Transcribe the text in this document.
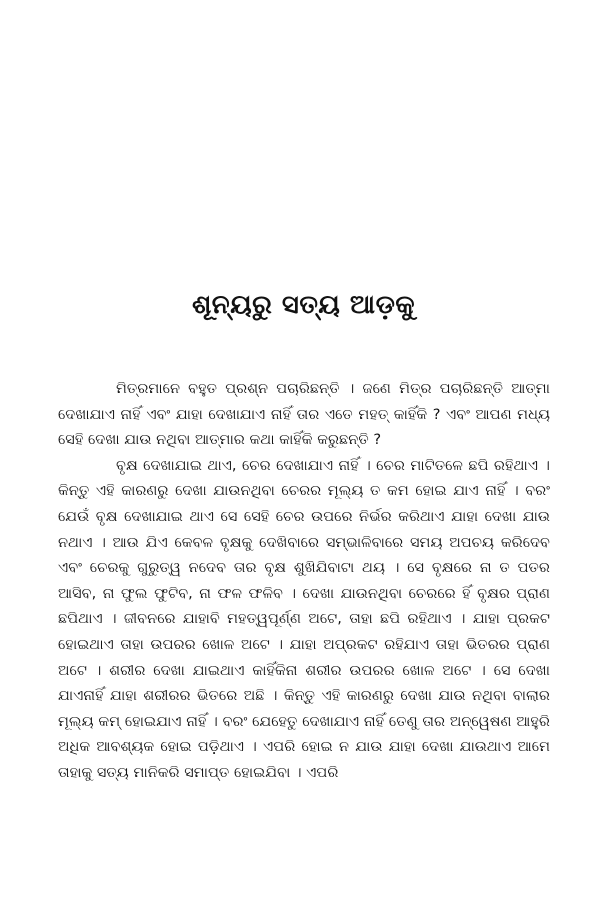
ଶୂନ୍ୟରୁ ସତ୍ୟ ଆଡ଼କୁ

ମିତ୍ରମାନେ ବହୁତ ପ୍ରଶ୍ନ ପଚାରିଛନ୍ତି । ଜଣେ ମିତ୍ର ପଚାରିଛନ୍ତି ଆତ୍ମା ଦେଖାଯାଏ ନାହିଁ ଏବଂ ଯାହା ଦେଖାଯାଏ ନାହିଁ ତାର ଏତେ ମହତ୍ କାହିଁକି ? ଏବଂ ଆପଣ ମଧ୍ୟ ସେହି ଦେଖା ଯାଉ ନଥିବା ଆତ୍ମାର କଥା କାହିଁକି କରୁଛନ୍ତି ?

ବୃକ୍ଷ ଦେଖାଯାଇ ଥାଏ, ଚେର ଦେଖାଯାଏ ନାହିଁ । ଚେର ମାଟିତଳେ ଛପି ରହିଥାଏ । କିନ୍ତୁ ଏହି କାରଣରୁ ଦେଖା ଯାଉନଥିବା ଚେରର ମୂଲ୍ୟ ତ କମ ହୋଇ ଯାଏ ନାହିଁ । ବରଂ ଯେଉଁ ବୃକ୍ଷ ଦେଖାଯାଇ ଥାଏ ସେ ସେହି ଚେର ଉପରେ ନିର୍ଭର କରିଥାଏ ଯାହା ଦେଖା ଯାଉ ନଥାଏ । ଆଉ ଯିଏ କେବଳ ବୃକ୍ଷକୁ ଦେଖିବାରେ ସମ୍ଭାଳିବାରେ ସମୟ ଅପଚୟ କରିଦେବ ଏବଂ ଚେରକୁ ଗୁରୁତ୍ୱ ନଦେବ ତାର ବୃକ୍ଷ ଶୁଖିଯିବାଟା ଥୟ । ସେ ବୃକ୍ଷରେ ନା ତ ପତର ଆସିବ, ନା ଫୁଲ ଫୁଟିବ, ନା ଫଳ ଫଳିବ । ଦେଖା ଯାଉନଥିବା ଚେରରେ ହିଁ ବୃକ୍ଷର ପ୍ରାଣ ଛପିଥାଏ । ଜୀବନରେ ଯାହାବି ମହତ୍ୱପୂର୍ଣ୍ଣ ଅଟେ, ତାହା ଛପି ରହିଥାଏ । ଯାହା ପ୍ରକଟ ହୋଇଥାଏ ତାହା ଉପରର ଖୋଳ ଅଟେ । ଯାହା ଅପ୍ରକଟ ରହିଯାଏ ତାହା ଭିତରର ପ୍ରାଣ ଅଟେ । ଶରୀର ଦେଖା ଯାଇଥାଏ କାହିଁକିନା ଶରୀର ଉପରର ଖୋଳ ଅଟେ । ସେ ଦେଖା ଯାଏନାହିଁ ଯାହା ଶରୀରର ଭିତରେ ଅଛି । କିନ୍ତୁ ଏହି କାରଣରୁ ଦେଖା ଯାଉ ନଥିବା ବାଲାର ମୂଲ୍ୟ କମ୍ ହୋଇଯାଏ ନାହିଁ । ବରଂ ଯେହେତୁ ଦେଖାଯାଏ ନାହିଁ ତେଣୁ ତାର ଅନ୍ୱେଷଣ ଆହୁରି ଅଧିକ ଆବଶ୍ୟକ ହୋଇ ପଡ଼ିଥାଏ । ଏପରି ହୋଇ ନ ଯାଉ ଯାହା ଦେଖା ଯାଉଥାଏ ଆମେ ତାହାକୁ ସତ୍ୟ ମାନିକରି ସମାପ୍ତ ହୋଇଯିବା । ଏପରି
